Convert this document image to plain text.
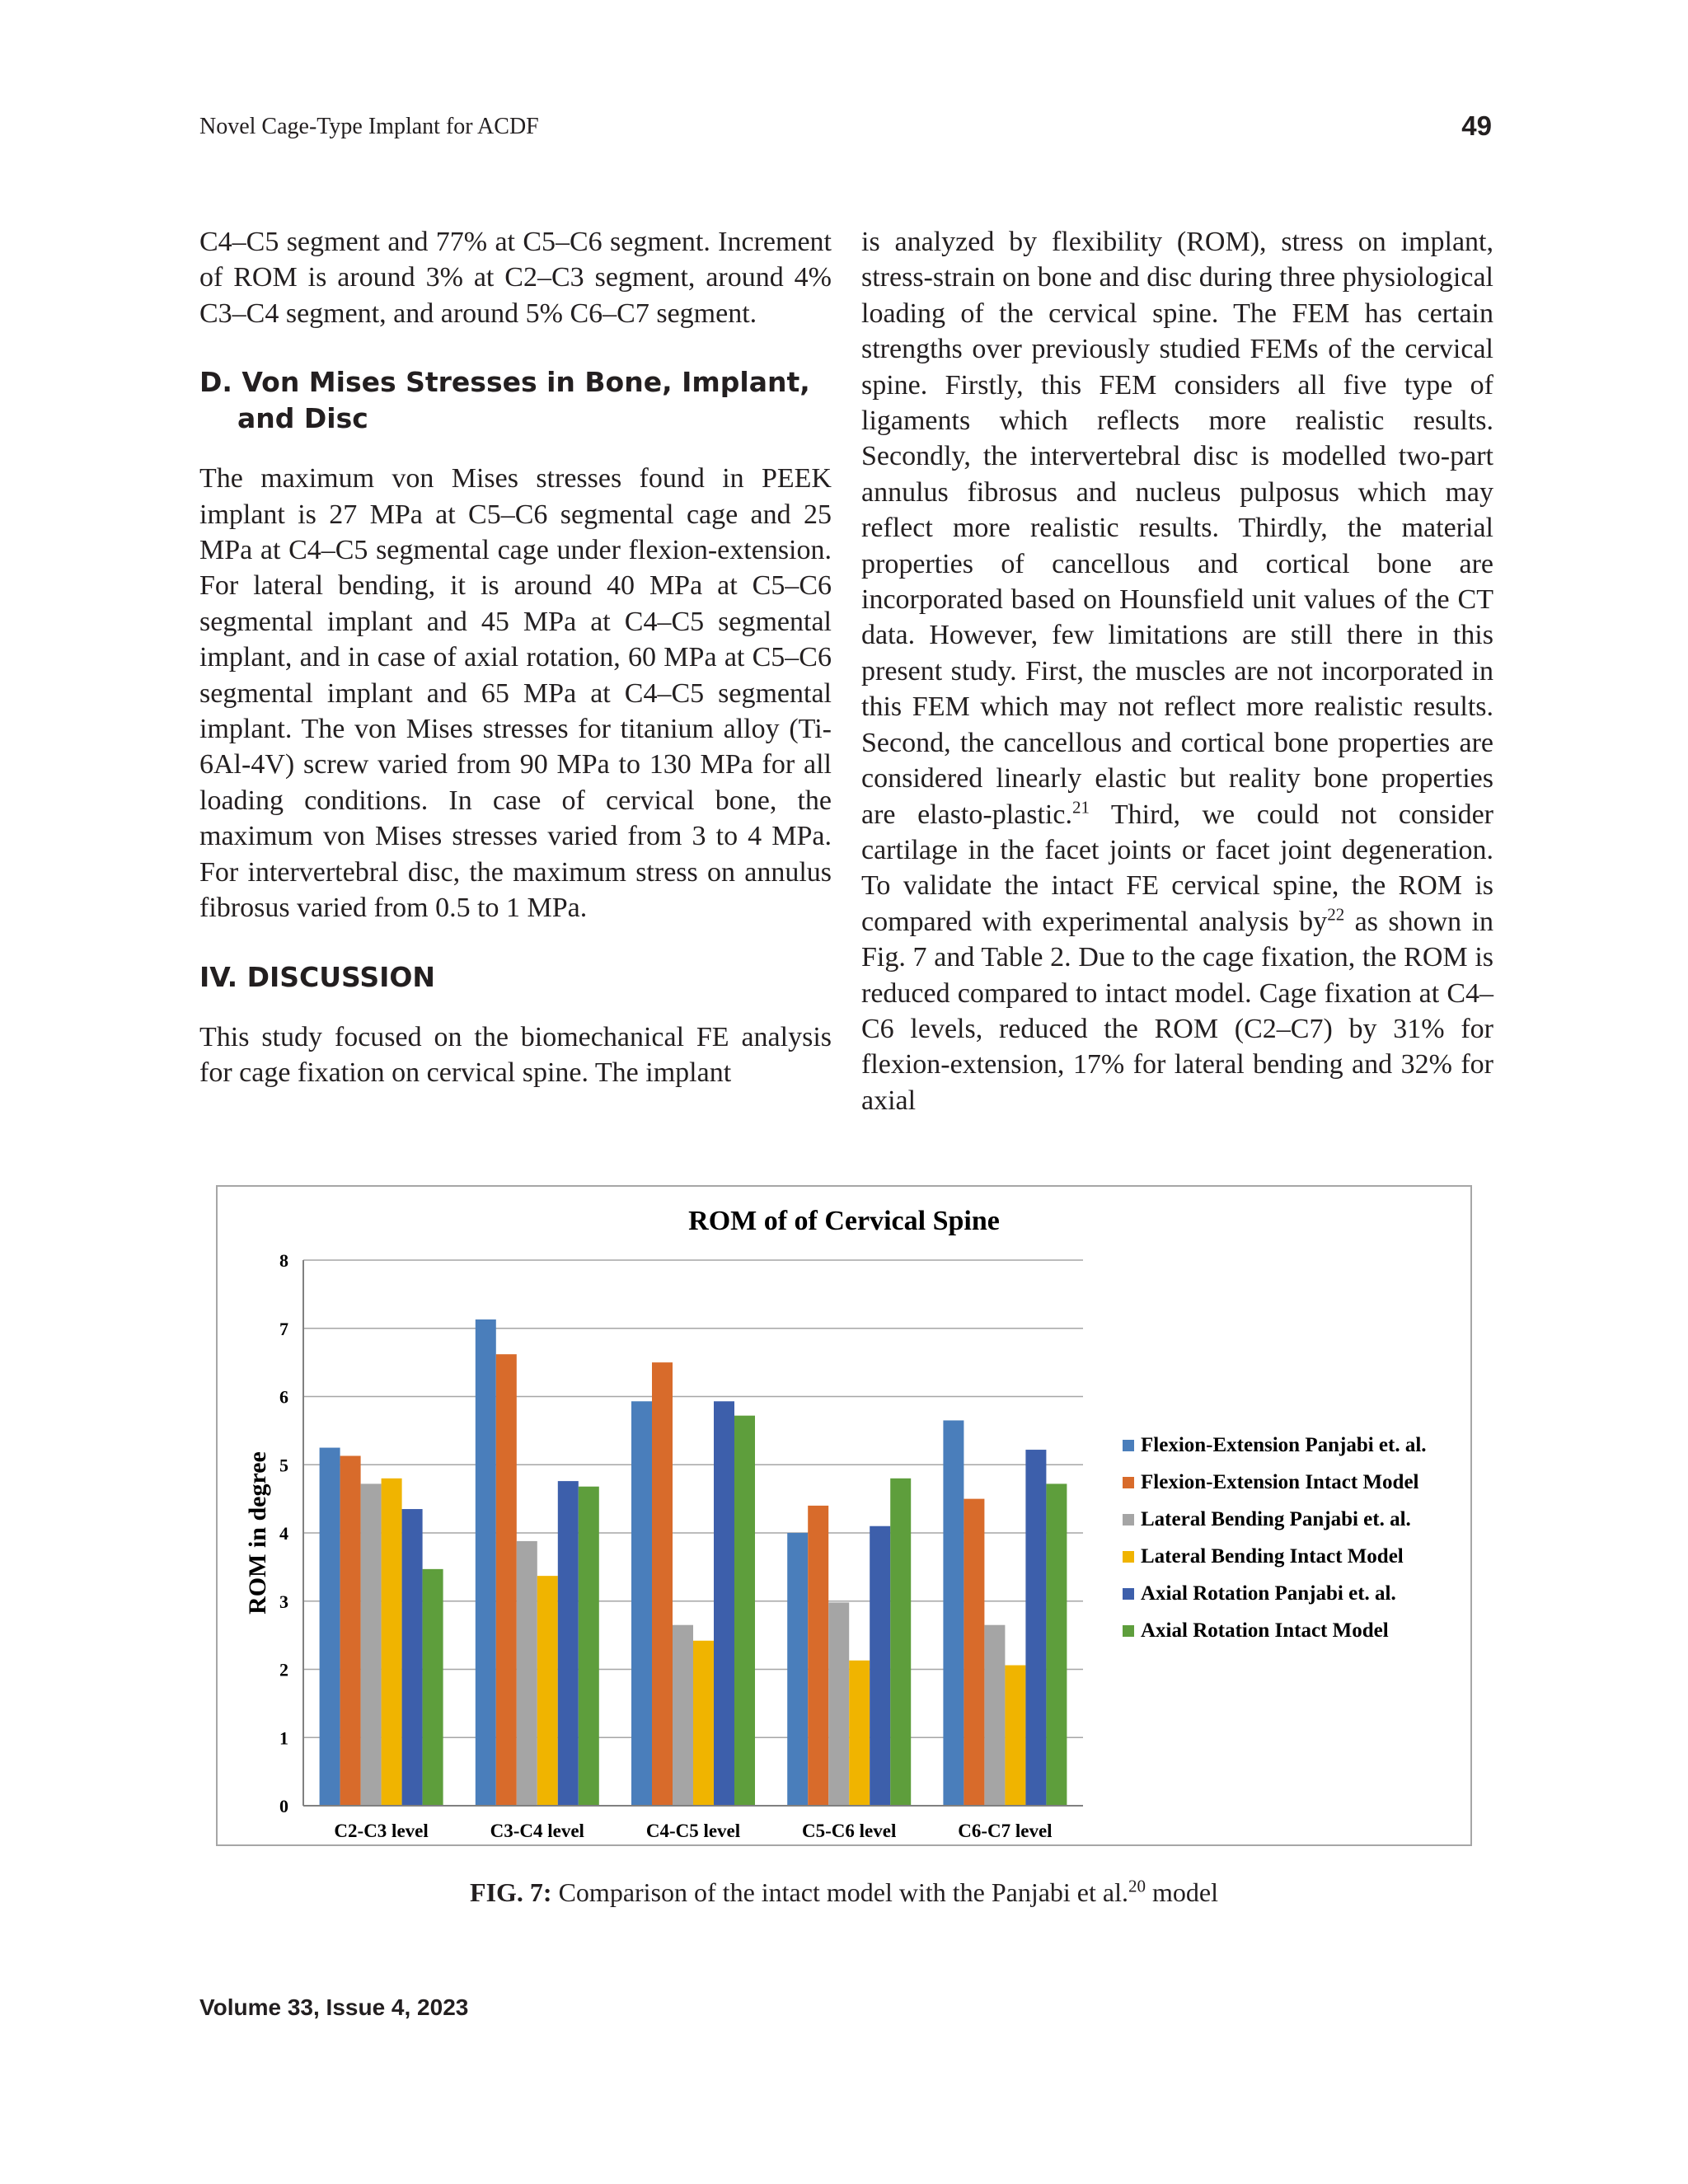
Novel Cage-Type Implant for ACDF	49

C4–C5 segment and 77% at C5–C6 segment. Increment of ROM is around 3% at C2–C3 segment, around 4% C3–C4 segment, and around 5% C6–C7 segment.

D. Von Mises Stresses in Bone, Implant, and Disc

The maximum von Mises stresses found in PEEK implant is 27 MPa at C5–C6 segmental cage and 25 MPa at C4–C5 segmental cage under flexion-extension. For lateral bending, it is around 40 MPa at C5–C6 segmental implant and 45 MPa at C4–C5 segmental implant, and in case of axial rotation, 60 MPa at C5–C6 segmental implant and 65 MPa at C4–C5 segmental implant. The von Mises stresses for titanium alloy (Ti-6Al-4V) screw varied from 90 MPa to 130 MPa for all loading conditions. In case of cervical bone, the maximum von Mises stresses varied from 3 to 4 MPa. For intervertebral disc, the maximum stress on annulus fibrosus varied from 0.5 to 1 MPa.

IV. DISCUSSION

This study focused on the biomechanical FE analysis for cage fixation on cervical spine. The implant

is analyzed by flexibility (ROM), stress on implant, stress-strain on bone and disc during three physiological loading of the cervical spine. The FEM has certain strengths over previously studied FEMs of the cervical spine. Firstly, this FEM considers all five type of ligaments which reflects more realistic results. Secondly, the intervertebral disc is modelled two-part annulus fibrosus and nucleus pulposus which may reflect more realistic results. Thirdly, the material properties of cancellous and cortical bone are incorporated based on Hounsfield unit values of the CT data. However, few limitations are still there in this present study. First, the muscles are not incorporated in this FEM which may not reflect more realistic results. Second, the cancellous and cortical bone properties are considered linearly elastic but reality bone properties are elasto-plastic.$^{21}$ Third, we could not consider cartilage in the facet joints or facet joint degeneration. To validate the intact FE cervical spine, the ROM is compared with experimental analysis $by^{22}$ as shown in Fig. 7 and Table 2. Due to the cage fixation, the ROM is reduced compared to intact model. Cage fixation at C4–C6 levels, reduced the ROM (C2–C7) by 31% for flexion-extension, 17% for lateral bending and 32% for axial

ROM of of Cervical Spine
ROM in degree
0
1
2
3
4
5
6
7
8
C2-C3 level	C3-C4 level	C4-C5 level	C5-C6 level	C6-C7 level
Flexion-Extension Panjabi et. al.
Flexion-Extension Intact Model
Lateral Bending Panjabi et. al.
Lateral Bending Intact Model
Axial Rotation Panjabi et. al.
Axial Rotation Intact Model
FIG. 7: Comparison of the intact model with the Panjabi et al.$^{20}$ model
Volume 33, Issue 4, 2023
